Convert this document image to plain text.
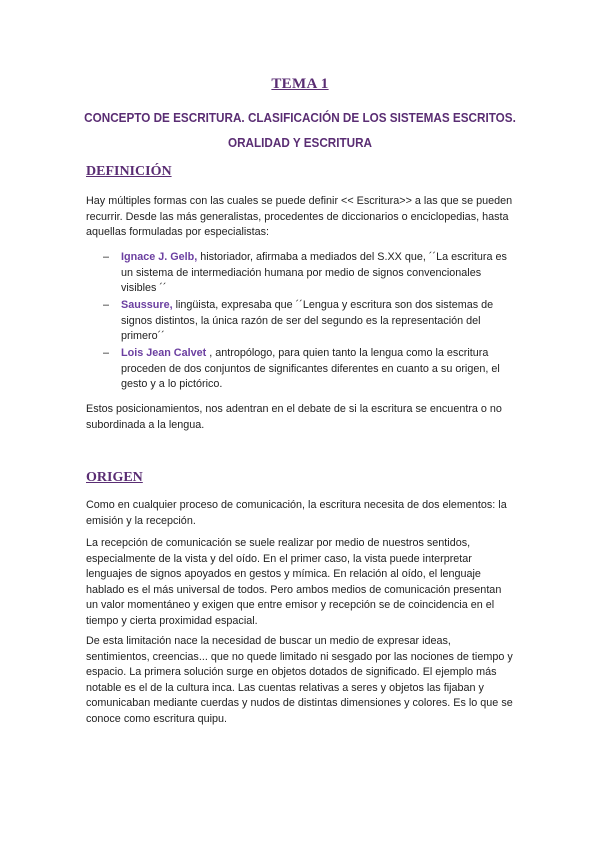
TEMA 1
CONCEPTO DE ESCRITURA. CLASIFICACIÓN DE LOS SISTEMAS ESCRITOS.
ORALIDAD Y ESCRITURA
DEFINICIÓN
Hay múltiples formas con las cuales se puede definir << Escritura>> a las que se pueden recurrir. Desde las más generalistas, procedentes de diccionarios o enciclopedias, hasta aquellas formuladas por especialistas:
– Ignace J. Gelb, historiador, afirmaba a mediados del S.XX que, ´´La escritura es un sistema de intermediación humana por medio de signos convencionales visibles ´´
– Saussure, lingüista, expresaba que ´´Lengua y escritura son dos sistemas de signos distintos, la única razón de ser del segundo es la representación del primero´´
– Lois Jean Calvet , antropólogo, para quien tanto la lengua como la escritura proceden de dos conjuntos de significantes diferentes en cuanto a su origen, el gesto y a lo pictórico.
Estos posicionamientos, nos adentran en el debate de si la escritura se encuentra o no subordinada a la lengua.
ORIGEN
Como en cualquier proceso de comunicación, la escritura necesita de dos elementos: la emisión y la recepción.
La recepción de comunicación se suele realizar por medio de nuestros sentidos, especialmente de la vista y del oído. En el primer caso, la vista puede interpretar lenguajes de signos apoyados en gestos y mímica. En relación al oído, el lenguaje hablado es el más universal de todos. Pero ambos medios de comunicación presentan un valor momentáneo y exigen que entre emisor y recepción se de coincidencia en el tiempo y cierta proximidad espacial.
De esta limitación nace la necesidad de buscar un medio de expresar ideas, sentimientos, creencias... que no quede limitado ni sesgado por las nociones de tiempo y espacio. La primera solución surge en objetos dotados de significado. El ejemplo más notable es el de la cultura inca. Las cuentas relativas a seres y objetos las fijaban y comunicaban mediante cuerdas y nudos de distintas dimensiones y colores. Es lo que se conoce como escritura quipu.
